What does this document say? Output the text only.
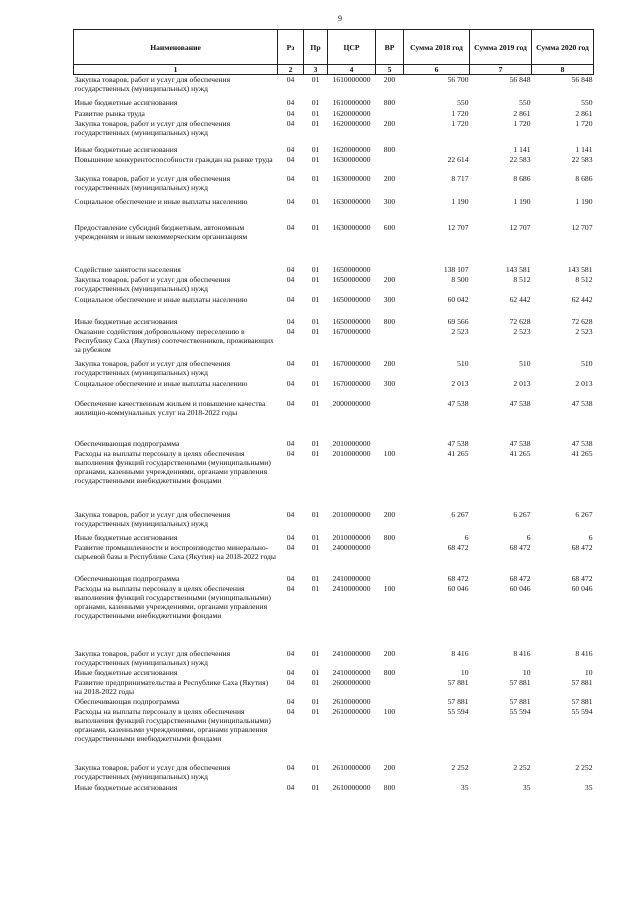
9
Наименование	Рз	Пр	ЦСР	ВР	Сумма 2018 год	Сумма 2019 год	Сумма 2020 год
1	2	3	4	5	6	7	8
Закупка товаров, работ и услуг для обеспечения государственных (муниципальных) нужд	04	01	1610000000	200	56 700	56 848	56 848

Иные бюджетные ассигнования	04	01	1610000000	800	550	550	550

Развитие рынка труда	04	01	1620000000		1 720	2 861	2 861
Закупка товаров, работ и услуг для обеспечения государственных (муниципальных) нужд	04	01	1620000000	200	1 720	1 720	1 720

Иные бюджетные ассигнования	04	01	1620000000	800		1 141	1 141
Повышение конкурентоспособности граждан на рынке труда	04	01	1630000000		22 614	22 583	22 583
Закупка товаров, работ и услуг для обеспечения государственных (муниципальных) нужд	04	01	1630000000	200	8 717	8 686	8 686
Социальное обеспечение и иные выплаты населению	04	01	1630000000	300	1 190	1 190	1 190

Предоставление субсидий бюджетным, автономным учреждениям и иным некоммерческим организациям	04	01	1630000000	600	12 707	12 707	12 707

Содействие занятости населения	04	01	1650000000		138 107	143 581	143 581
Закупка товаров, работ и услуг для обеспечения государственных (муниципальных) нужд	04	01	1650000000	200	8 500	8 512	8 512
Социальное обеспечение и иные выплаты населению	04	01	1650000000	300	60 042	62 442	62 442
Иные бюджетные ассигнования	04	01	1650000000	800	69 566	72 628	72 628
Оказание содействия добровольному переселению в Республику Саха (Якутия) соотечественников, проживающих за рубежом	04	01	1670000000		2 523	2 523	2 523

Закупка товаров, работ и услуг для обеспечения государственных (муниципальных) нужд	04	01	1670000000	200	510	510	510
Социальное обеспечение и иные выплаты населению	04	01	1670000000	300	2 013	2 013	2 013
Обеспечение качественным жильем и повышение качества жилищно-коммунальных услуг на 2018-2022 годы	04	01	2000000000		47 538	47 538	47 538

Обеспечивающая подпрограмма	04	01	2010000000		47 538	47 538	47 538
Расходы на выплаты персоналу в целях обеспечения выполнения функций государственными (муниципальными) органами, казенными учреждениями, органами управления государственными внебюджетными фондами	04	01	2010000000	100	41 265	41 265	41 265

Закупка товаров, работ и услуг для обеспечения государственных (муниципальных) нужд	04	01	2010000000	200	6 267	6 267	6 267

Иные бюджетные ассигнования	04	01	2010000000	800	6	6	6
Развитие промышленности и воспроизводство минерально-сырьевой базы в Республике Саха (Якутия) на 2018-2022 годы	04	01	2400000000		68 472	68 472	68 472

Обеспечивающая подпрограмма	04	01	2410000000		68 472	68 472	68 472
Расходы на выплаты персоналу в целях обеспечения выполнения функций государственными (муниципальными) органами, казенными учреждениями, органами управления государственными внебюджетными фондами	04	01	2410000000	100	60 046	60 046	60 046
Закупка товаров, работ и услуг для обеспечения государственных (муниципальных) нужд	04	01	2410000000	200	8 416	8 416	8 416
Иные бюджетные ассигнования	04	01	2410000000	800	10	10	10
Развитие предпринимательства в Республике Саха (Якутия) на 2018-2022 годы	04	01	2600000000		57 881	57 881	57 881
Обеспечивающая подпрограмма	04	01	2610000000		57 881	57 881	57 881
Расходы на выплаты персоналу в целях обеспечения выполнения функций государственными (муниципальными) органами, казенными учреждениями, органами управления государственными внебюджетными фондами	04	01	2610000000	100	55 594	55 594	55 594
Закупка товаров, работ и услуг для обеспечения государственных (муниципальных) нужд	04	01	2610000000	200	2 252	2 252	2 252
Иные бюджетные ассигнования	04	01	2610000000	800	35	35	35
